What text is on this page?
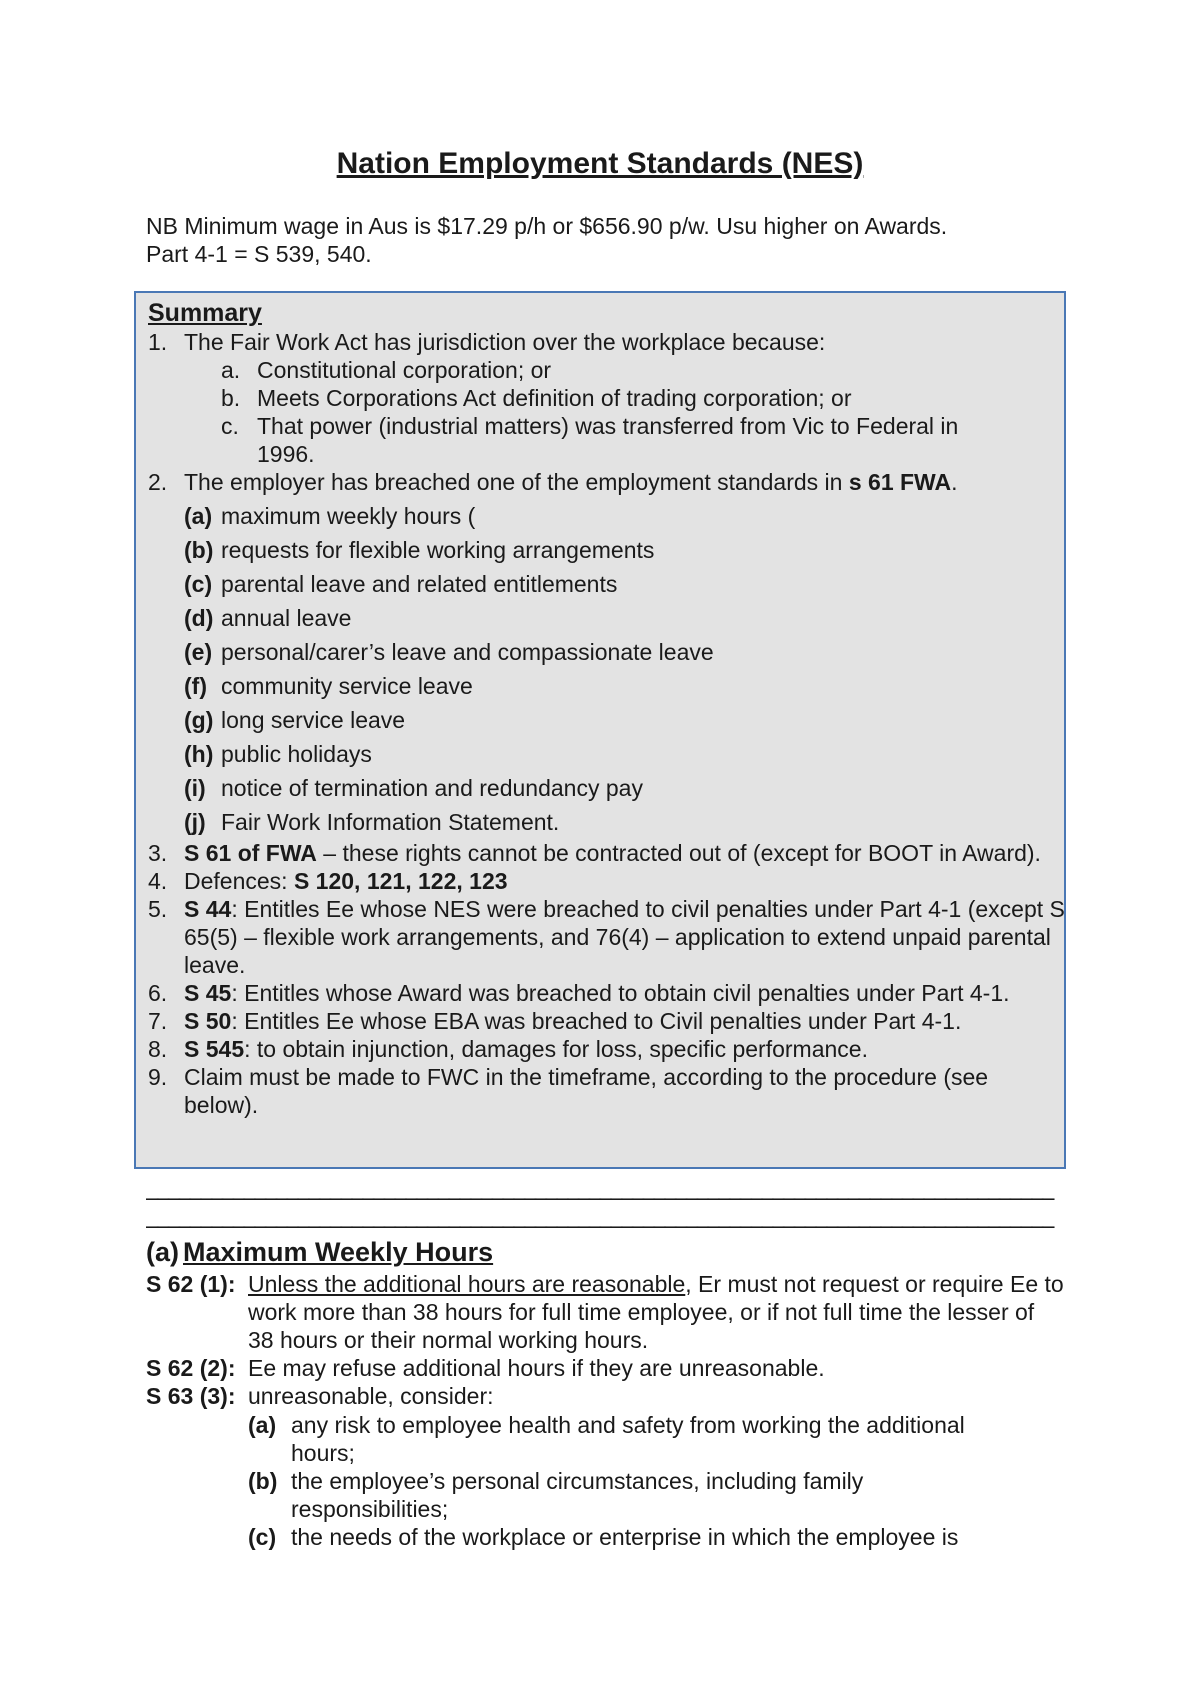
Nation Employment Standards (NES)
NB Minimum wage in Aus is $17.29 p/h or $656.90 p/w. Usu higher on Awards.
Part 4-1 = S 539, 540.
Summary
1. The Fair Work Act has jurisdiction over the workplace because:
a. Constitutional corporation; or
b. Meets Corporations Act definition of trading corporation; or
c. That power (industrial matters) was transferred from Vic to Federal in 1996.
2. The employer has breached one of the employment standards in s 61 FWA.
(a) maximum weekly hours (
(b) requests for flexible working arrangements
(c) parental leave and related entitlements
(d) annual leave
(e) personal/carer’s leave and compassionate leave
(f) community service leave
(g) long service leave
(h) public holidays
(i) notice of termination and redundancy pay
(j) Fair Work Information Statement.
3. S 61 of FWA – these rights cannot be contracted out of (except for BOOT in Award).
4. Defences: S 120, 121, 122, 123
5. S 44: Entitles Ee whose NES were breached to civil penalties under Part 4-1 (except S 65(5) – flexible work arrangements, and 76(4) – application to extend unpaid parental leave.
6. S 45: Entitles whose Award was breached to obtain civil penalties under Part 4-1.
7. S 50: Entitles Ee whose EBA was breached to Civil penalties under Part 4-1.
8. S 545: to obtain injunction, damages for loss, specific performance.
9. Claim must be made to FWC in the timeframe, according to the procedure (see below).
––––––––––––––––––––––––––––––––––––––––––––––––––––––––––––––––––––––––––––––––––––
––––––––––––––––––––––––––––––––––––––––––––––––––––––––––––––––––––––––––––––––––––
(a) Maximum Weekly Hours
S 62 (1): Unless the additional hours are reasonable, Er must not request or require Ee to work more than 38 hours for full time employee, or if not full time the lesser of 38 hours or their normal working hours.
S 62 (2): Ee may refuse additional hours if they are unreasonable.
S 63 (3): unreasonable, consider:
(a) any risk to employee health and safety from working the additional hours;
(b) the employee’s personal circumstances, including family responsibilities;
(c) the needs of the workplace or enterprise in which the employee is
